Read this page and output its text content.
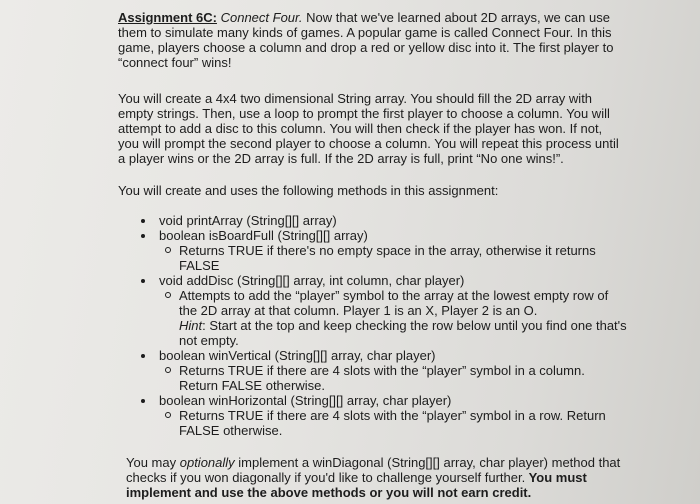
Assignment 6C: Connect Four. Now that we've learned about 2D arrays, we can use
them to simulate many kinds of games. A popular game is called Connect Four. In this
game, players choose a column and drop a red or yellow disc into it. The first player to
“connect four” wins!

You will create a 4x4 two dimensional String array. You should fill the 2D array with
empty strings. Then, use a loop to prompt the first player to choose a column. You will
attempt to add a disc to this column. You will then check if the player has won. If not,
you will prompt the second player to choose a column. You will repeat this process until
a player wins or the 2D array is full. If the 2D array is full, print “No one wins!”.

You will create and uses the following methods in this assignment:

void printArray (String[][] array)
boolean isBoardFull (String[][] array)
Returns TRUE if there's no empty space in the array, otherwise it returns
FALSE
void addDisc (String[][] array, int column, char player)
Attempts to add the “player” symbol to the array at the lowest empty row of
the 2D array at that column. Player 1 is an X, Player 2 is an O.
Hint: Start at the top and keep checking the row below until you find one that's
not empty.
boolean winVertical (String[][] array, char player)
Returns TRUE if there are 4 slots with the “player” symbol in a column.
Return FALSE otherwise.
boolean winHorizontal (String[][] array, char player)
Returns TRUE if there are 4 slots with the “player” symbol in a row. Return
FALSE otherwise.

You may optionally implement a winDiagonal (String[][] array, char player) method that
checks if you won diagonally if you'd like to challenge yourself further. You must
implement and use the above methods or you will not earn credit.
